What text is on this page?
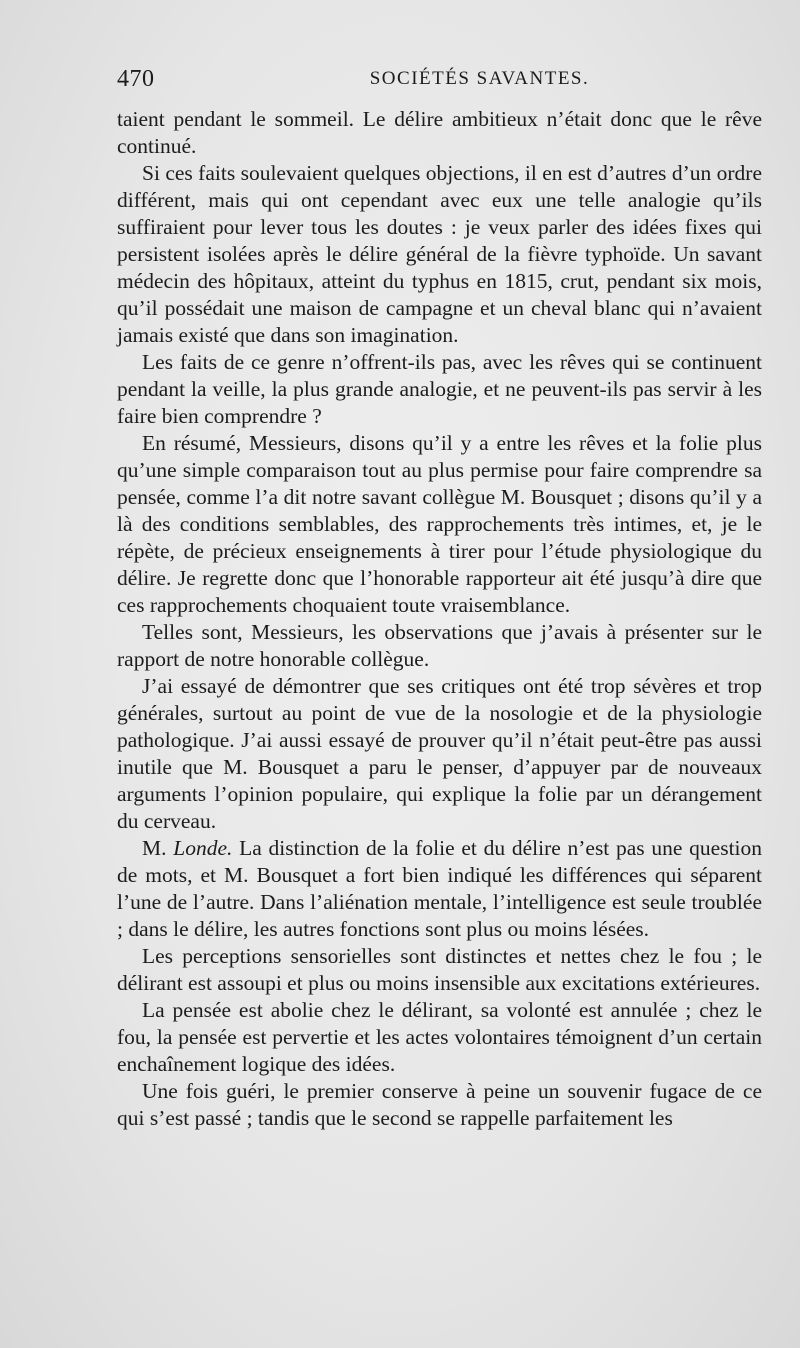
470	SOCIÉTÉS SAVANTES.

taient pendant le sommeil. Le délire ambitieux n’était donc que le rêve continué.

Si ces faits soulevaient quelques objections, il en est d’autres d’un ordre différent, mais qui ont cependant avec eux une telle analogie qu’ils suffiraient pour lever tous les doutes : je veux parler des idées fixes qui persistent isolées après le délire général de la fièvre typhoïde. Un savant médecin des hôpitaux, atteint du typhus en 1815, crut, pendant six mois, qu’il possédait une maison de campagne et un cheval blanc qui n’avaient jamais existé que dans son imagination.

Les faits de ce genre n’offrent-ils pas, avec les rêves qui se continuent pendant la veille, la plus grande analogie, et ne peuvent-ils pas servir à les faire bien comprendre ?

En résumé, Messieurs, disons qu’il y a entre les rêves et la folie plus qu’une simple comparaison tout au plus permise pour faire comprendre sa pensée, comme l’a dit notre savant collègue M. Bousquet ; disons qu’il y a là des conditions semblables, des rapprochements très intimes, et, je le répète, de précieux enseignements à tirer pour l’étude physiologique du délire. Je regrette donc que l’honorable rapporteur ait été jusqu’à dire que ces rapprochements choquaient toute vraisemblance.

Telles sont, Messieurs, les observations que j’avais à présenter sur le rapport de notre honorable collègue.

J’ai essayé de démontrer que ses critiques ont été trop sévères et trop générales, surtout au point de vue de la nosologie et de la physiologie pathologique. J’ai aussi essayé de prouver qu’il n’était peut-être pas aussi inutile que M. Bousquet a paru le penser, d’appuyer par de nouveaux arguments l’opinion populaire, qui explique la folie par un dérangement du cerveau.

M. Londe. La distinction de la folie et du délire n’est pas une question de mots, et M. Bousquet a fort bien indiqué les différences qui séparent l’une de l’autre. Dans l’aliénation mentale, l’intelligence est seule troublée ; dans le délire, les autres fonctions sont plus ou moins lésées.

Les perceptions sensorielles sont distinctes et nettes chez le fou ; le délirant est assoupi et plus ou moins insensible aux excitations extérieures.

La pensée est abolie chez le délirant, sa volonté est annulée ; chez le fou, la pensée est pervertie et les actes volontaires témoignent d’un certain enchaînement logique des idées.

Une fois guéri, le premier conserve à peine un souvenir fugace de ce qui s’est passé ; tandis que le second se rappelle parfaitement les
